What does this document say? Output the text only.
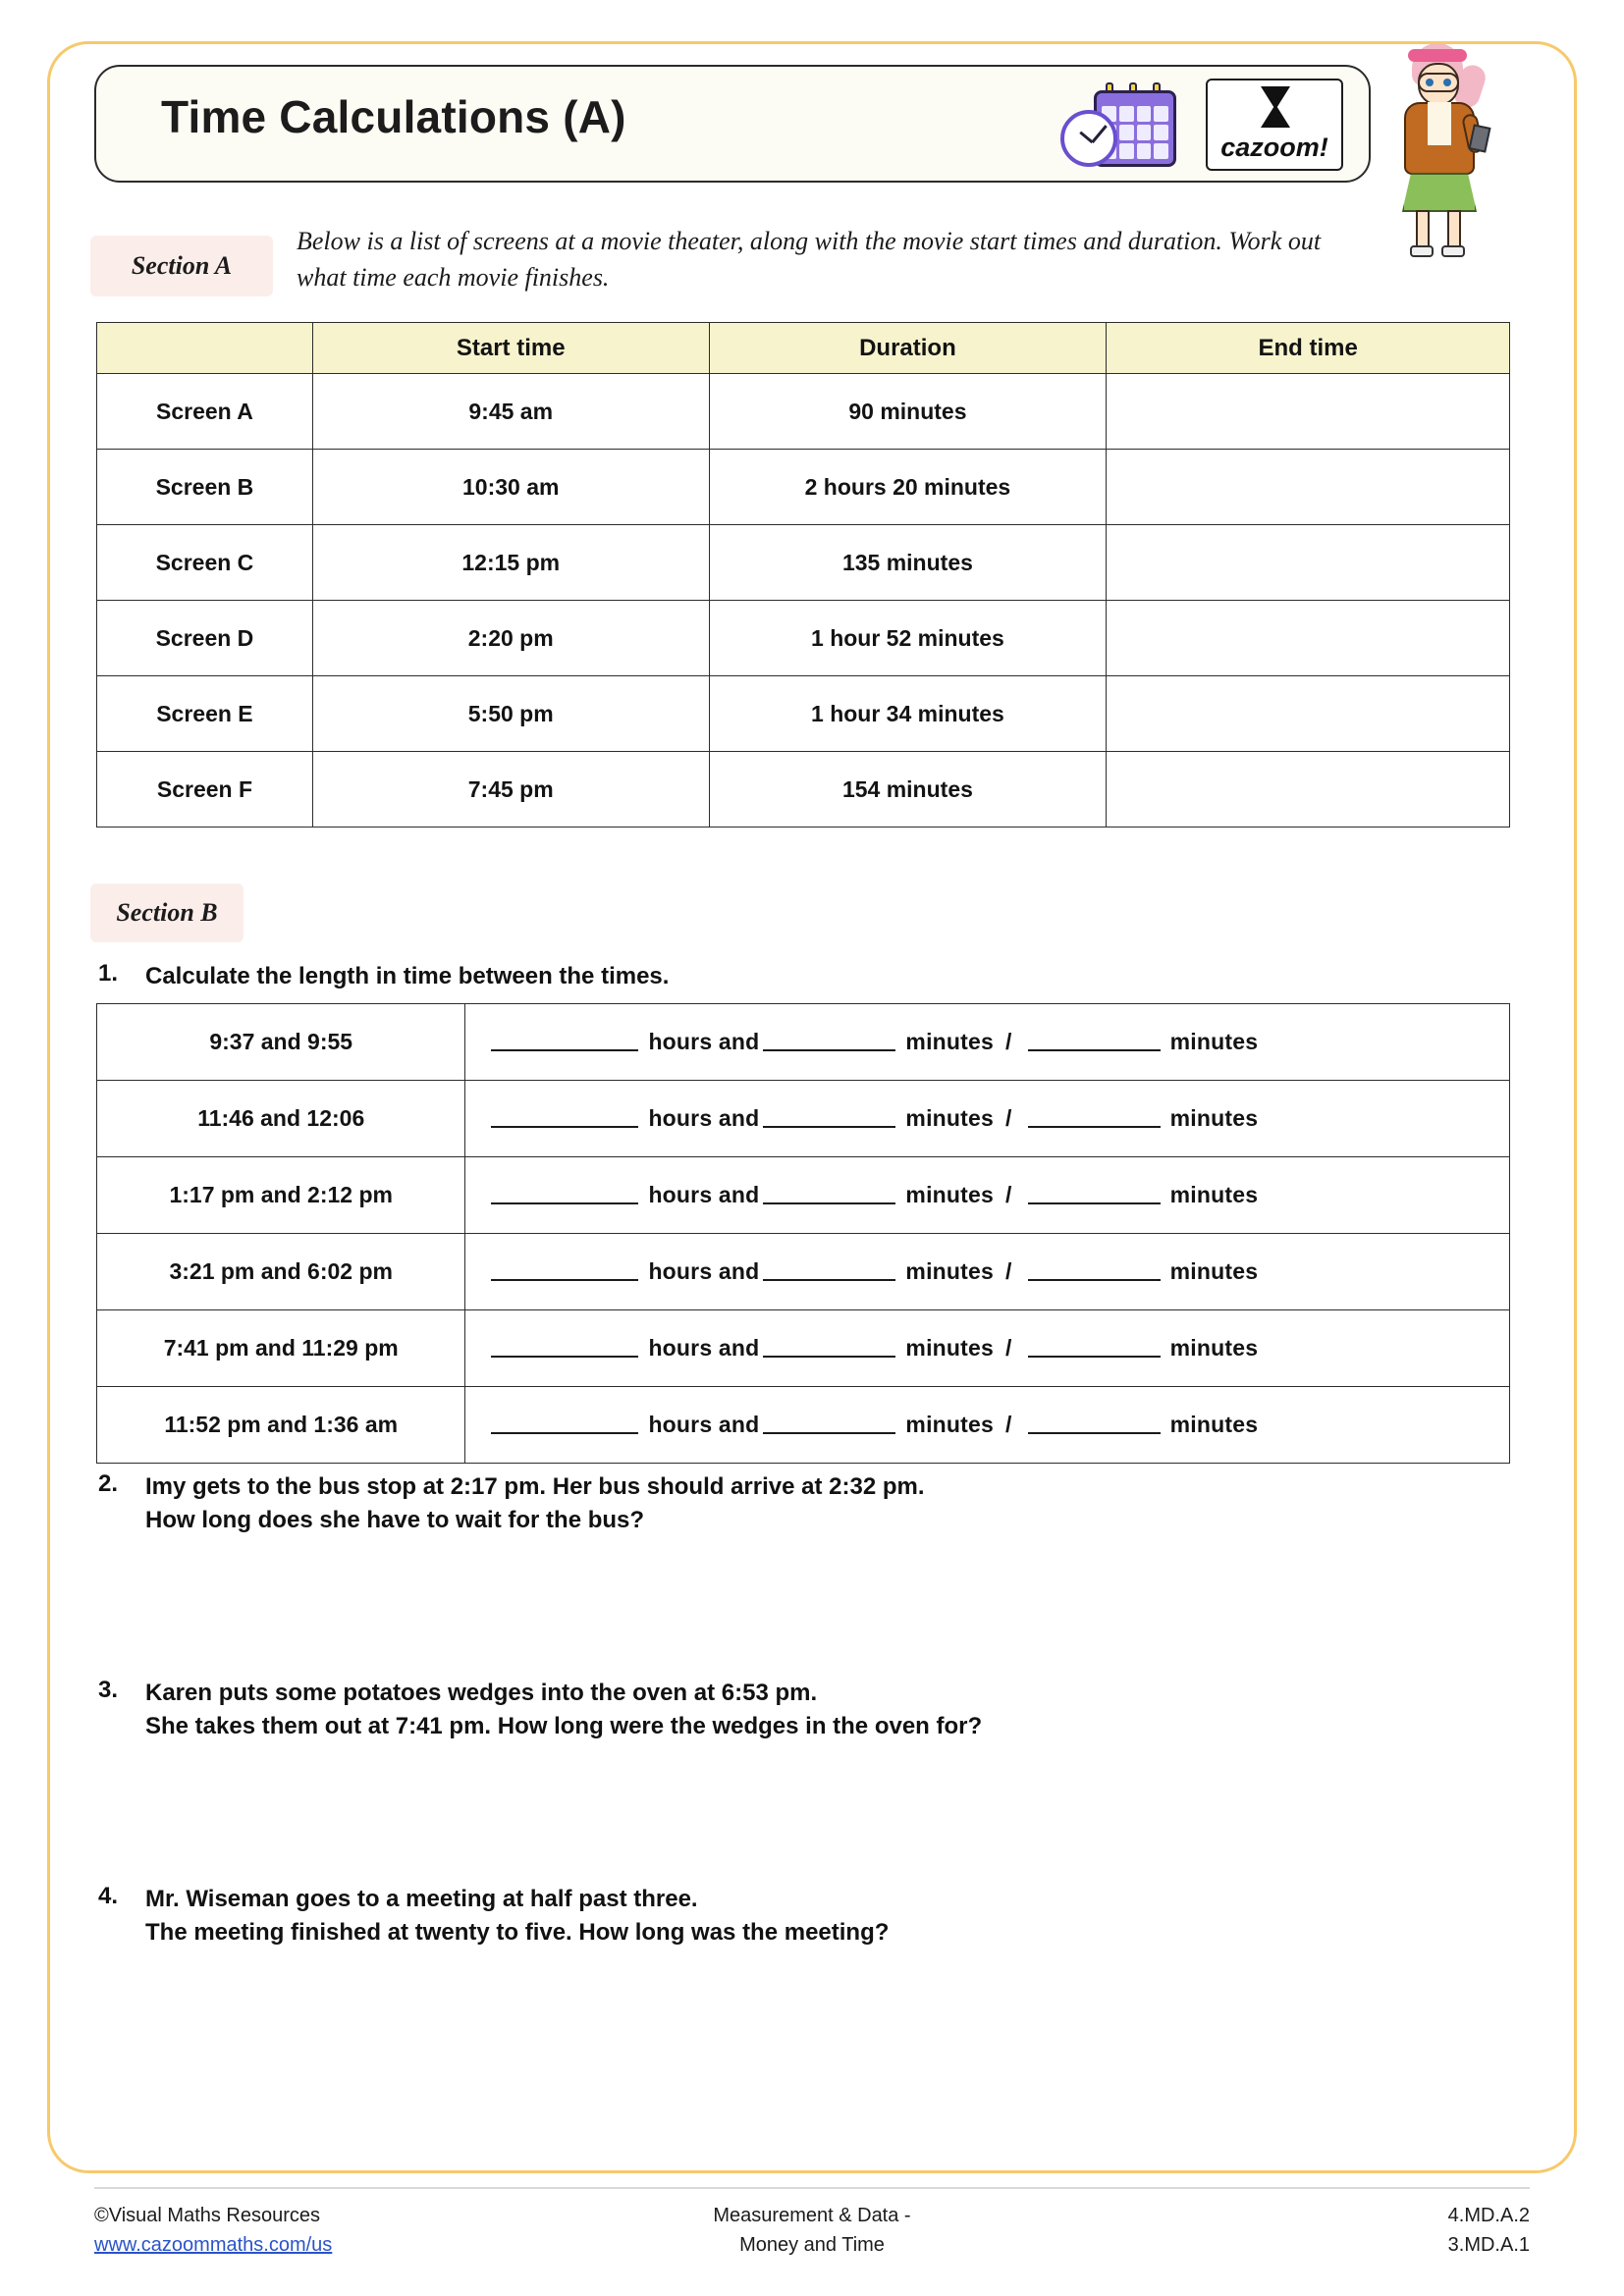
Time Calculations (A)
cazoom!
Section A
Below is a list of screens at a movie theater, along with the movie start times and duration. Work out what time each movie finishes.
	Start time	Duration	End time
Screen A	9:45 am	90 minutes	
Screen B	10:30 am	2 hours 20 minutes	
Screen C	12:15 pm	135 minutes	
Screen D	2:20 pm	1 hour 52 minutes	
Screen E	5:50 pm	1 hour 34 minutes	
Screen F	7:45 pm	154 minutes	
Section B
1. Calculate the length in time between the times.
9:37 and 9:55	hours and minutes / minutes
11:46 and 12:06	hours and minutes / minutes
1:17 pm and 2:12 pm	hours and minutes / minutes
3:21 pm and 6:02 pm	hours and minutes / minutes
7:41 pm and 11:29 pm	hours and minutes / minutes
11:52 pm and 1:36 am	hours and minutes / minutes
2. Imy gets to the bus stop at 2:17 pm. Her bus should arrive at 2:32 pm.
How long does she have to wait for the bus?
3. Karen puts some potatoes wedges into the oven at 6:53 pm.
She takes them out at 7:41 pm. How long were the wedges in the oven for?
4. Mr. Wiseman goes to a meeting at half past three.
The meeting finished at twenty to five. How long was the meeting?
©Visual Maths Resources
www.cazoommaths.com/us
Measurement & Data -
Money and Time
4.MD.A.2
3.MD.A.1
